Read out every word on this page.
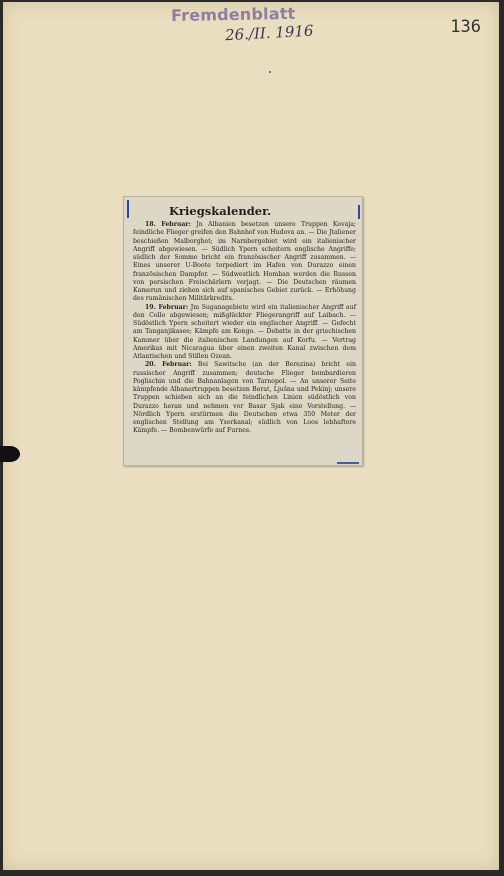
Fremdenblatt
26./II. 1916	136
Kriegskalender.

18. Februar: Jn Albanien besetzen unsere Truppen Kovaja; feindliche Flieger greifen den Bahnhof von Hudova an. — Die Jtaliener beschießen Malborghet; im Narnbergebiet wird ein italienischer Angriff abgewiesen. — Südlich Ypern scheitern englische Angriffe; südlich der Somme bricht ein französischer Angriff zusammen. — Eines unserer U-Boote torpediert im Hafen von Durazzo einen französischen Dampfer. — Südwestlich Homban werden die Russen von persischen Freischärlern verjagt. — Die Deutschen räumen Kamerun und ziehen sich auf spanisches Gebiet zurück. — Erhöhung des rumänischen Militärkredits.

19. Februar: Jm Suganagebiete wird ein italienischer Angriff auf den Collo abgewiesen; mißglückter Fliegerangriff auf Laibach. — Südöstlich Ypern scheitert wieder ein englischer Angriff. — Gefecht am Tanganjikasee; Kämpfe am Kongo. — Debatte in der griechischen Kammer über die italienischen Landungen auf Korfu. — Vertrag Amerikas mit Nicaragua über einen zweiten Kanal zwischen dem Atlantischen und Stillen Ozean.

20. Februar: Bei Sawitsche (an der Berezina) bricht ein russischer Angriff zusammen; deutsche Flieger bombardieren Poglischin und die Bahnanlagen von Tarnopol. — An unserer Seite kämpfende Albanertruppen besetzen Berat, Ljušna und Pekinj; unsere Truppen schieben sich an die feindlichen Linien südöstlich von Durazzo heran und nehmen vor Basar Sjak eine Vorstellung. — Nördlich Ypern erstürmen die Deutschen etwa 350 Meter der englischen Stellung am Yserkanal; südlich von Loos lebhaftere Kämpfe. — Bombenwürfe auf Furnes.
